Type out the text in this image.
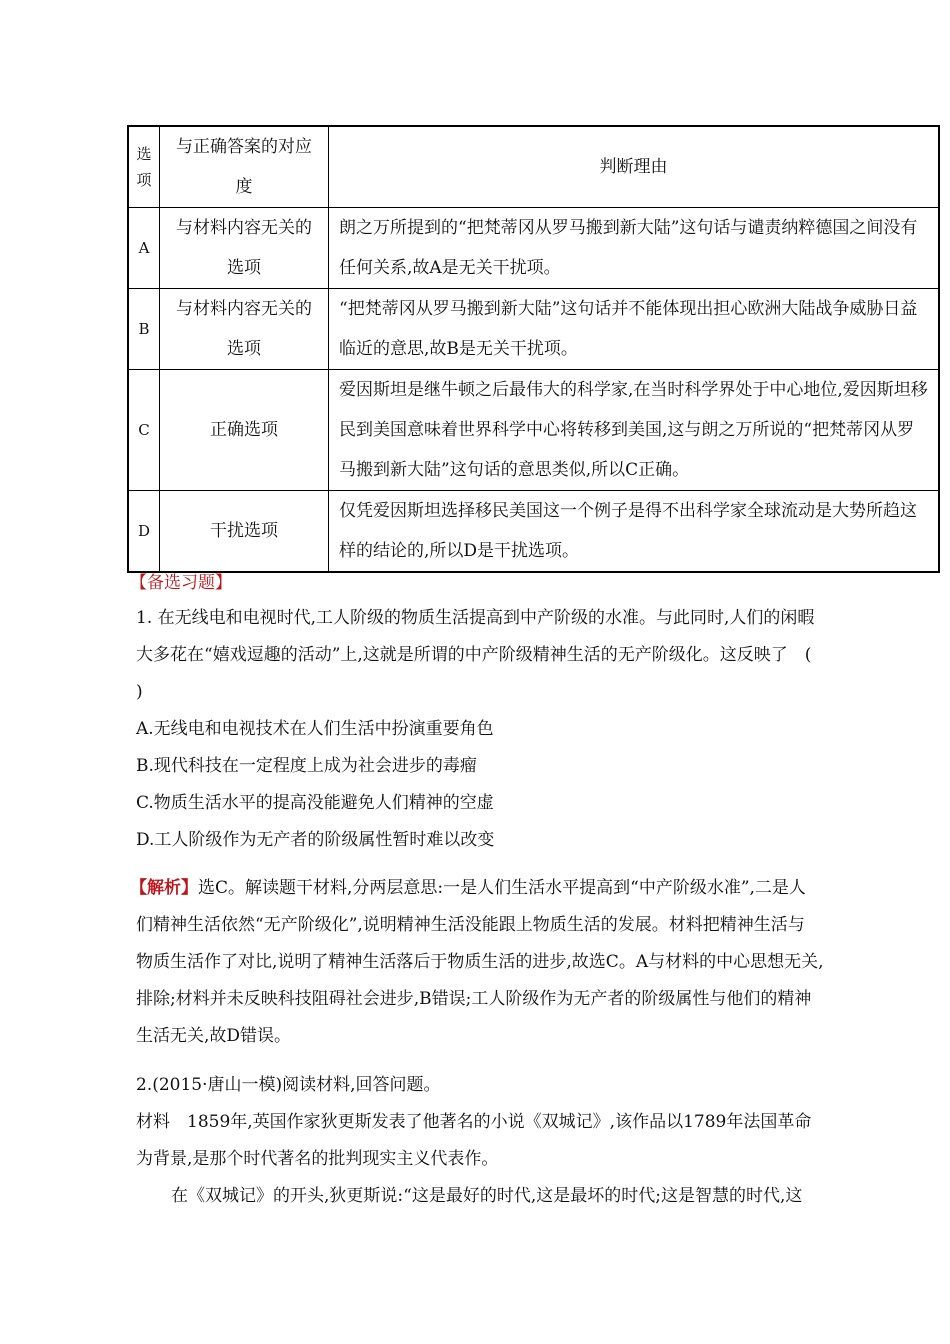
选项	与正确答案的对应度	判断理由
A	与材料内容无关的选项	朗之万所提到的“把梵蒂冈从罗马搬到新大陆”这句话与谴责纳粹德国之间没有任何关系,故A是无关干扰项。
B	与材料内容无关的选项	“把梵蒂冈从罗马搬到新大陆”这句话并不能体现出担心欧洲大陆战争威胁日益临近的意思,故B是无关干扰项。
C	正确选项	爱因斯坦是继牛顿之后最伟大的科学家,在当时科学界处于中心地位,爱因斯坦移民到美国意味着世界科学中心将转移到美国,这与朗之万所说的“把梵蒂冈从罗马搬到新大陆”这句话的意思类似,所以C正确。
D	干扰选项	仅凭爱因斯坦选择移民美国这一个例子是得不出科学家全球流动是大势所趋这样的结论的,所以D是干扰选项。
【备选习题】
1. 在无线电和电视时代,工人阶级的物质生活提高到中产阶级的水准。与此同时,人们的闲暇
大多花在“嬉戏逗趣的活动”上,这就是所谓的中产阶级精神生活的无产阶级化。这反映了　(
)
A.无线电和电视技术在人们生活中扮演重要角色
B.现代科技在一定程度上成为社会进步的毒瘤
C.物质生活水平的提高没能避免人们精神的空虚
D.工人阶级作为无产者的阶级属性暂时难以改变
【解析】选C。解读题干材料,分两层意思:一是人们生活水平提高到“中产阶级水准”,二是人
们精神生活依然“无产阶级化”,说明精神生活没能跟上物质生活的发展。材料把精神生活与
物质生活作了对比,说明了精神生活落后于物质生活的进步,故选C。A与材料的中心思想无关,
排除;材料并未反映科技阻碍社会进步,B错误;工人阶级作为无产者的阶级属性与他们的精神
生活无关,故D错误。
2.(2015·唐山一模)阅读材料,回答问题。
材料　1859年,英国作家狄更斯发表了他著名的小说《双城记》,该作品以1789年法国革命
为背景,是那个时代著名的批判现实主义代表作。
　在《双城记》的开头,狄更斯说:“这是最好的时代,这是最坏的时代;这是智慧的时代,这
